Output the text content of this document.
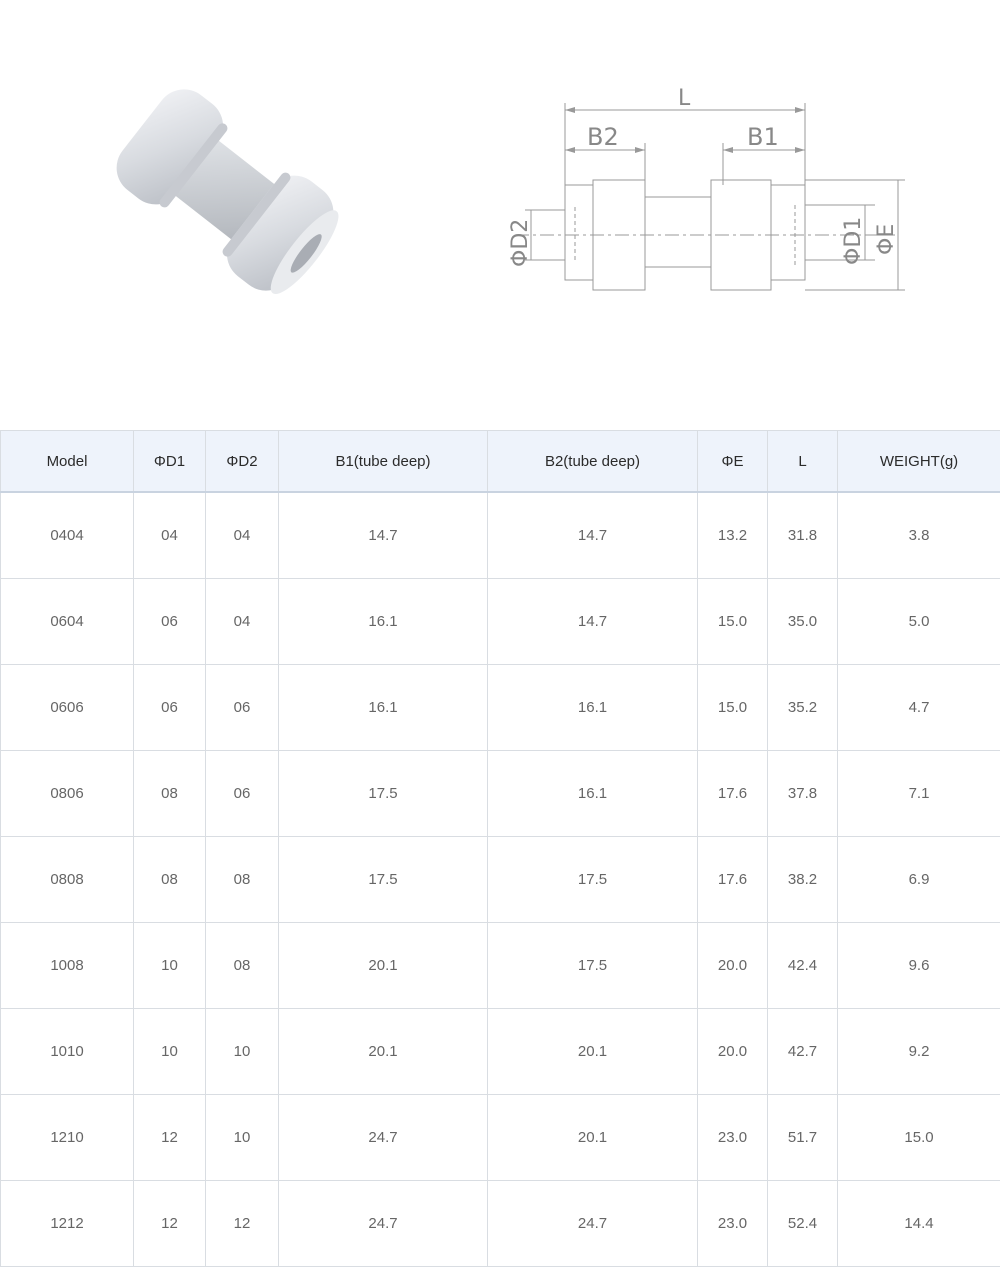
L
B2	B1
ΦD2	ΦD1 ΦE
Model	ΦD1	ΦD2	B1(tube deep)	B2(tube deep)	ΦE	L	WEIGHT(g)
0404	04	04	14.7	14.7	13.2	31.8	3.8
0604	06	04	16.1	14.7	15.0	35.0	5.0
0606	06	06	16.1	16.1	15.0	35.2	4.7
0806	08	06	17.5	16.1	17.6	37.8	7.1
0808	08	08	17.5	17.5	17.6	38.2	6.9
1008	10	08	20.1	17.5	20.0	42.4	9.6
1010	10	10	20.1	20.1	20.0	42.7	9.2
1210	12	10	24.7	20.1	23.0	51.7	15.0
1212	12	12	24.7	24.7	23.0	52.4	14.4
